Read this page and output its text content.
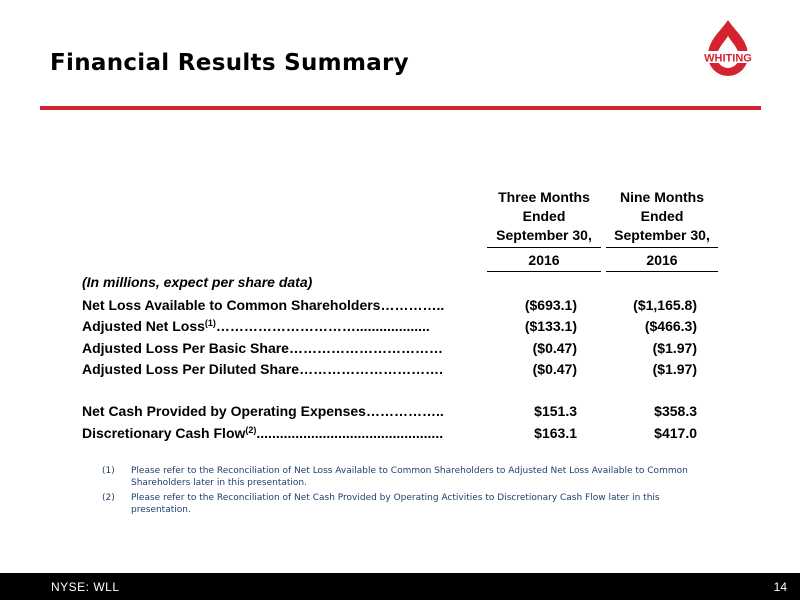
Financial Results Summary	WHITING
Three Months
Ended
September 30,
2016
Nine Months
Ended
September 30,
2016
(In millions, expect per share data)
Net Loss Available to Common Shareholders…………..	($693.1)	($1,165.8)
Adjusted Net Loss$^{(1)}$…………………………...................	($133.1)	($466.3)
Adjusted Loss Per Basic Share……………………………	($0.47)	($1.97)
Adjusted Loss Per Diluted Share………………………….	($0.47)	($1.97)
Net Cash Provided by Operating Expenses……………..	$151.3	$358.3
Discretionary Cash Flow$^{(2)}$................................................	$163.1	$417.0
(1) Please refer to the Reconciliation of Net Loss Available to Common Shareholders to Adjusted Net Loss Available to Common Shareholders later in this presentation.
(2) Please refer to the Reconciliation of Net Cash Provided by Operating Activities to Discretionary Cash Flow later in this presentation.
NYSE: WLL	14
